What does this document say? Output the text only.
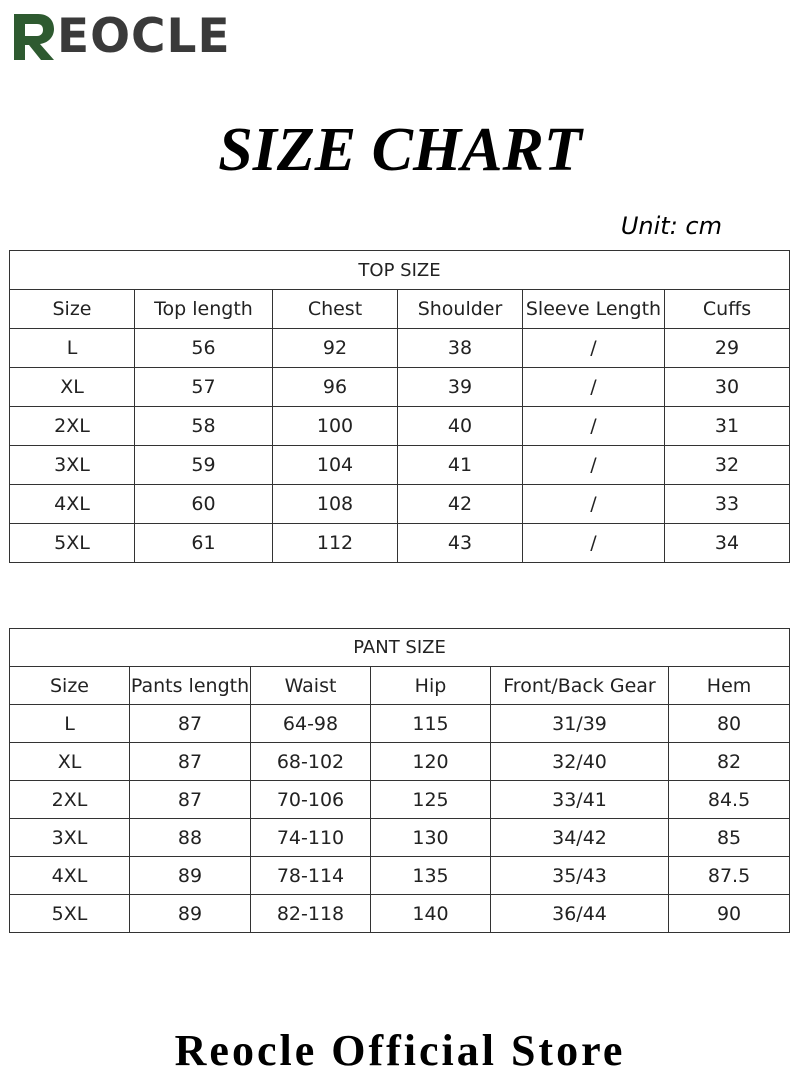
EOCLE
SIZE CHART
Unit: cm
TOP SIZE					
Size	Top length	Chest	Shoulder	Sleeve Length	Cuffs
L	56	92	38	/	29
XL	57	96	39	/	30
2XL	58	100	40	/	31
3XL	59	104	41	/	32
4XL	60	108	42	/	33
5XL	61	112	43	/	34
PANT SIZE					
Size	Pants length	Waist	Hip	Front/Back Gear	Hem
L	87	64-98	115	31/39	80
XL	87	68-102	120	32/40	82
2XL	87	70-106	125	33/41	84.5
3XL	88	74-110	130	34/42	85
4XL	89	78-114	135	35/43	87.5
5XL	89	82-118	140	36/44	90
Reocle Official Store
